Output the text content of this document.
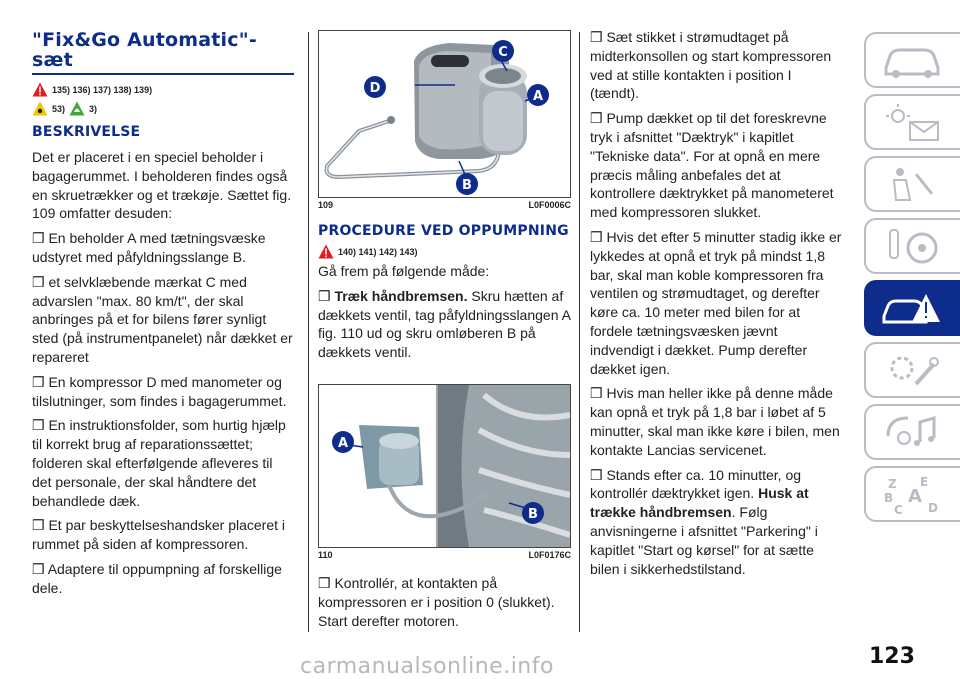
"Fix&Go Automatic"-sæt
135) 136) 137) 138) 139)
53)	3)
BESKRIVELSE

Det er placeret i en speciel beholder i bagagerummet. I beholderen findes også en skruetrækker og et trækøje. Sættet fig. 109 omfatter desuden:

❒ En beholder A med tætningsvæske udstyret med påfyldningsslange B.

❒ et selvklæbende mærkat C med advarslen "max. 80 km/t", der skal anbringes på et for bilens fører synligt sted (på instrumentpanelet) når dækket er repareret

❒ En kompressor D med manometer og tilslutninger, som findes i bagagerummet.

❒ En instruktionsfolder, som hurtig hjælp til korrekt brug af reparationssættet; folderen skal efterfølgende afleveres til det personale, der skal håndtere det behandlede dæk.

❒ Et par beskyttelseshandsker placeret i rummet på siden af kompressoren.

❒ Adaptere til oppumpning af forskellige dele.

C
D
A
B
109	L0F0006C
PROCEDURE VED OPPUMPNING
140) 141) 142) 143)

Gå frem på følgende måde:

❒ Træk håndbremsen. Skru hætten af dækkets ventil, tag påfyldningsslangen A fig. 110 ud og skru omløberen B på dækkets ventil.

A
B
110	L0F0176C

❒ Kontrollér, at kontakten på kompressoren er i position 0 (slukket). Start derefter motoren.

❒ Sæt stikket i strømudtaget på midterkonsollen og start kompressoren ved at stille kontakten i position I (tændt).

❒ Pump dækket op til det foreskrevne tryk i afsnittet "Dæktryk" i kapitlet "Tekniske data". For at opnå en mere præcis måling anbefales det at kontrollere dæktrykket på manometeret med kompressoren slukket.

❒ Hvis det efter 5 minutter stadig ikke er lykkedes at opnå et tryk på mindst 1,8 bar, skal man koble kompressoren fra ventilen og strømudtaget, og derefter køre ca. 10 meter med bilen for at fordele tætningsvæsken jævnt indvendigt i dækket. Pump derefter dækket igen.

❒ Hvis man heller ikke på denne måde kan opnå et tryk på 1,8 bar i løbet af 5 minutter, skal man ikke køre i bilen, men kontakte Lancias servicenet.

❒ Stands efter ca. 10 minutter, og kontrollér dæktrykket igen. Husk at trække håndbremsen. Følg anvisningerne i afsnittet "Parkering" i kapitlet "Start og kørsel" for at sætte bilen i sikkerhedstilstand.

Z E
B A
C D
123
carmanualsonline.info
